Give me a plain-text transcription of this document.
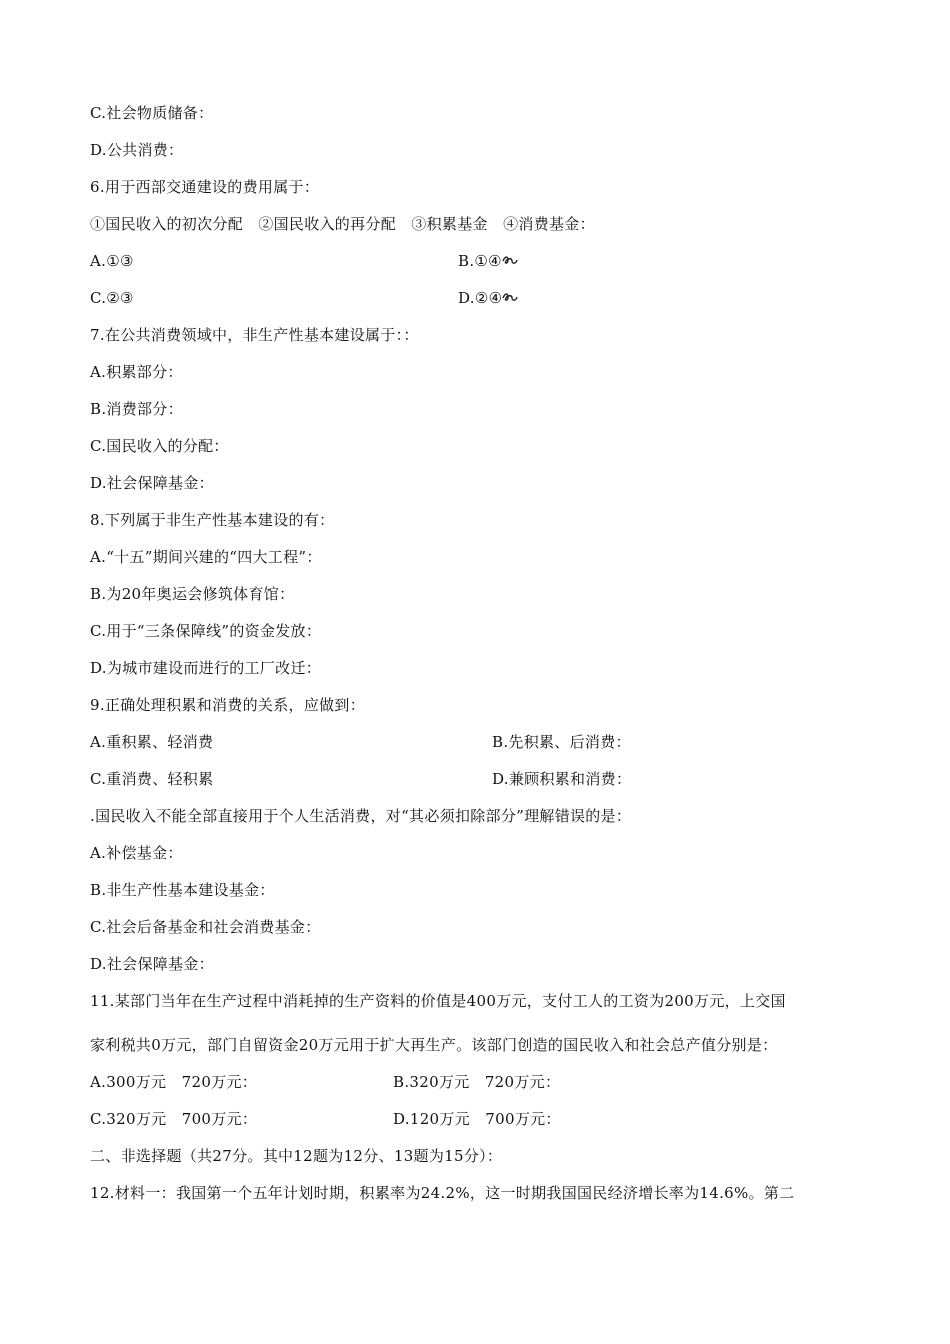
C.社会物质储备：
D.公共消费：
6.用于西部交通建设的费用属于：
①国民收入的初次分配　②国民收入的再分配　③积累基金　④消费基金：
A.①③	B.①④
C.②③	D.②④
7.在公共消费领域中，非生产性基本建设属于：：
A.积累部分：
B.消费部分：
C.国民收入的分配：
D.社会保障基金：
8.下列属于非生产性基本建设的有：
A.“十五”期间兴建的“四大工程”：
B.为20年奥运会修筑体育馆：
C.用于“三条保障线”的资金发放：
D.为城市建设而进行的工厂改迁：
9.正确处理积累和消费的关系，应做到：
A.重积累、轻消费	B.先积累、后消费：
C.重消费、轻积累	D.兼顾积累和消费：
.国民收入不能全部直接用于个人生活消费，对“其必须扣除部分”理解错误的是：
A.补偿基金：
B.非生产性基本建设基金：
C.社会后备基金和社会消费基金：
D.社会保障基金：
11.某部门当年在生产过程中消耗掉的生产资料的价值是400万元，支付工人的工资为200万元，上交国
家利税共0万元，部门自留资金20万元用于扩大再生产。该部门创造的国民收入和社会总产值分别是：
A.300万元　720万元：	B.320万元　720万元：
C.320万元　700万元：	D.120万元　700万元：
二、非选择题（共27分。其中12题为12分、13题为15分）：
12.材料一：我国第一个五年计划时期，积累率为24.2%，这一时期我国国民经济增长率为14.6%。第二
